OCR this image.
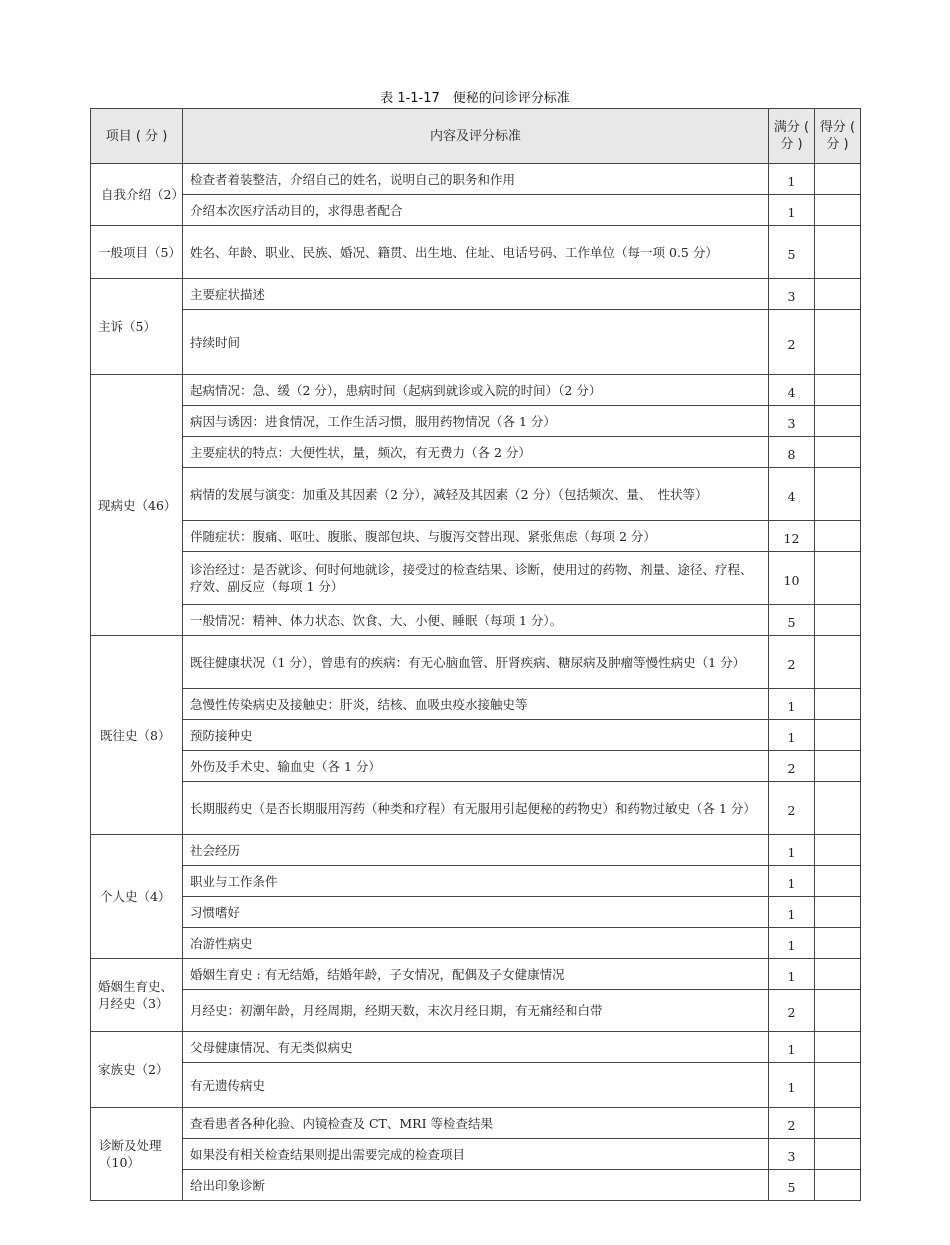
表 1-1-17　便秘的问诊评分标准
项目 ( 分 )	内容及评分标准	满分 ( 分 )	得分 ( 分 )
自我介绍（2）	检查者着装整洁，介绍自己的姓名，说明自己的职务和作用	1	
	介绍本次医疗活动目的，求得患者配合	1	
一般项目（5）	姓名、年龄、职业、民族、婚况、籍贯、出生地、住址、电话号码、工作单位（每一项 0.5 分）	5	
主诉（5）	主要症状描述	3	
	持续时间	2	
现病史（46）	起病情况：急、缓（2 分），患病时间（起病到就诊或入院的时间）（2 分）	4	
	病因与诱因：进食情况，工作生活习惯，服用药物情况（各 1 分）	3	
	主要症状的特点：大便性状，量，频次，有无费力（各 2 分）	8	
	病情的发展与演变：加重及其因素（2 分），减轻及其因素（2 分）（包括频次、量、　性状等）	4	
	伴随症状：腹痛、呕吐、腹胀、腹部包块、与腹泻交替出现、紧张焦虑（每项 2 分）	12	
	诊治经过：是否就诊、何时何地就诊，接受过的检查结果、诊断，使用过的药物、剂量、途径、疗程、疗效、副反应（每项 1 分）	10	
	一般情况：精神、体力状态、饮食、大、小便、睡眠（每项 1 分）。	5	
既往史（8）	既往健康状况（1 分），曾患有的疾病：有无心脑血管、肝肾疾病、糖尿病及肿瘤等慢性病史（1 分）	2	
	急慢性传染病史及接触史：肝炎，结核、血吸虫疫水接触史等	1	
	预防接种史	1	
	外伤及手术史、输血史（各 1 分）	2	
	长期服药史（是否长期服用泻药（种类和疗程）有无服用引起便秘的药物史）和药物过敏史（各 1 分）	2	
个人史（4）	社会经历	1	
	职业与工作条件	1	
	习惯嗜好	1	
	冶游性病史	1	
婚姻生育史、月经史（3）	婚姻生育史 : 有无结婚，结婚年龄，子女情况，配偶及子女健康情况	1	
	月经史：初潮年龄，月经周期，经期天数，末次月经日期，有无痛经和白带	2	
家族史（2）	父母健康情况、有无类似病史	1	
	有无遗传病史	1	
诊断及处理（10）	查看患者各种化验、内镜检查及 CT、MRI 等检查结果	2	
	如果没有相关检查结果则提出需要完成的检查项目	3	
	给出印象诊断	5	
